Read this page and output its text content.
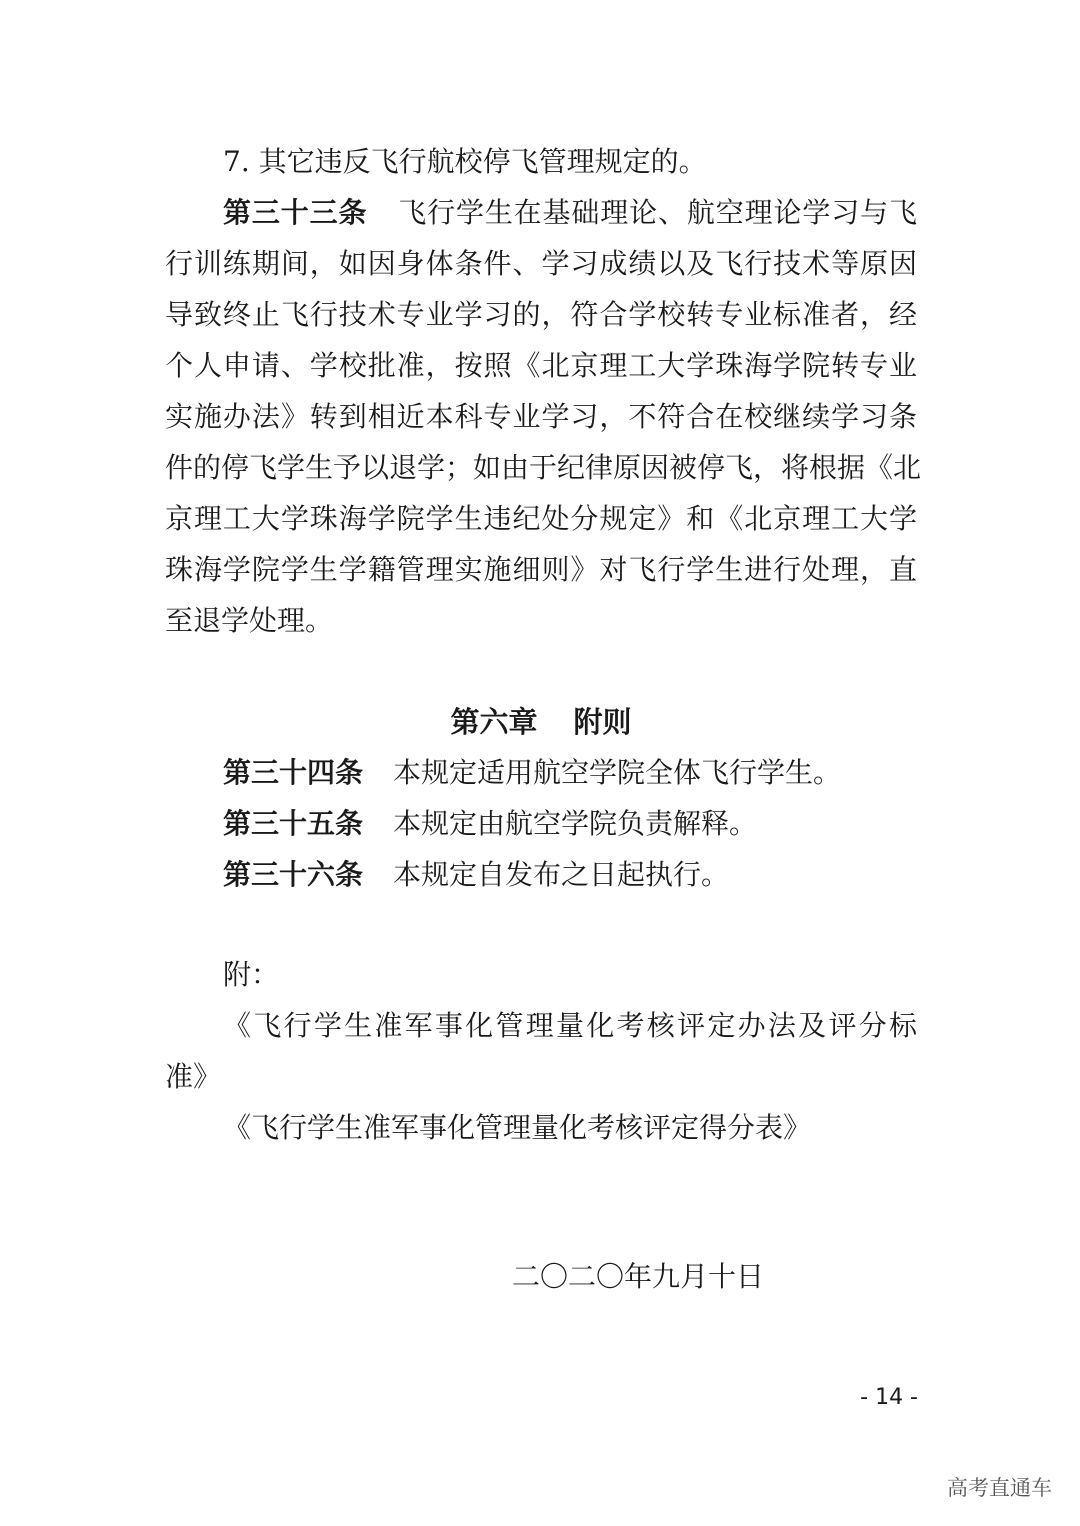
7. 其它违反飞行航校停飞管理规定的。
第三十三条 飞行学生在基础理论、航空理论学习与飞
行训练期间，如因身体条件、学习成绩以及飞行技术等原因
导致终止飞行技术专业学习的，符合学校转专业标准者，经
个人申请、学校批准，按照《北京理工大学珠海学院转专业
实施办法》转到相近本科专业学习，不符合在校继续学习条
件的停飞学生予以退学；如由于纪律原因被停飞，将根据《北
京理工大学珠海学院学生违纪处分规定》和《北京理工大学
珠海学院学生学籍管理实施细则》对飞行学生进行处理，直
至退学处理。
第六章 附则
第三十四条 本规定适用航空学院全体飞行学生。
第三十五条 本规定由航空学院负责解释。
第三十六条 本规定自发布之日起执行。
附：
《飞行学生准军事化管理量化考核评定办法及评分标
准》
《飞行学生准军事化管理量化考核评定得分表》
二〇二〇年九月十日
- 14 -
高考直通车
